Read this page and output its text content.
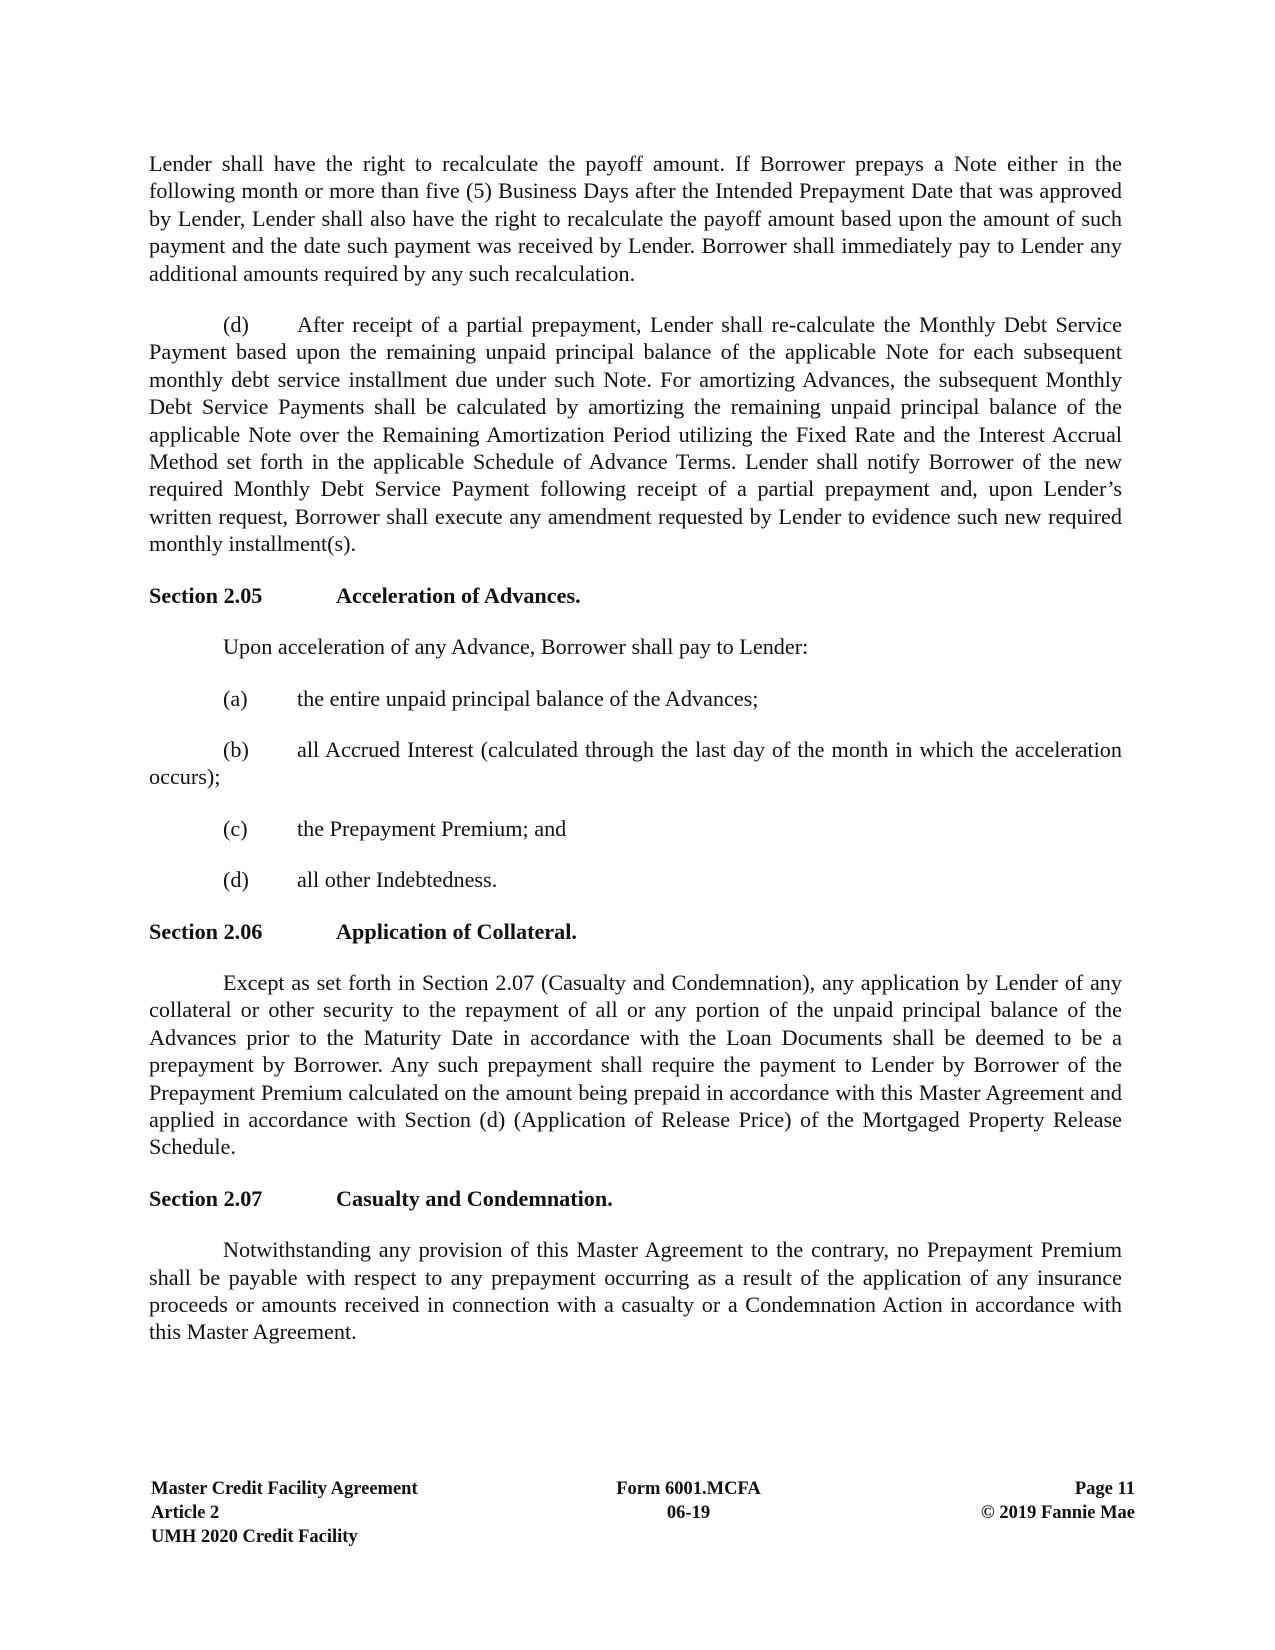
Lender shall have the right to recalculate the payoff amount. If Borrower prepays a Note either in the following month or more than five (5) Business Days after the Intended Prepayment Date that was approved by Lender, Lender shall also have the right to recalculate the payoff amount based upon the amount of such payment and the date such payment was received by Lender. Borrower shall immediately pay to Lender any additional amounts required by any such recalculation.

(d) After receipt of a partial prepayment, Lender shall re-calculate the Monthly Debt Service Payment based upon the remaining unpaid principal balance of the applicable Note for each subsequent monthly debt service installment due under such Note. For amortizing Advances, the subsequent Monthly Debt Service Payments shall be calculated by amortizing the remaining unpaid principal balance of the applicable Note over the Remaining Amortization Period utilizing the Fixed Rate and the Interest Accrual Method set forth in the applicable Schedule of Advance Terms. Lender shall notify Borrower of the new required Monthly Debt Service Payment following receipt of a partial prepayment and, upon Lender’s written request, Borrower shall execute any amendment requested by Lender to evidence such new required monthly installment(s).

Section 2.05	Acceleration of Advances.

Upon acceleration of any Advance, Borrower shall pay to Lender:

(a) the entire unpaid principal balance of the Advances;

(b) all Accrued Interest (calculated through the last day of the month in which the acceleration occurs);

(c) the Prepayment Premium; and

(d) all other Indebtedness.

Section 2.06	Application of Collateral.

Except as set forth in Section 2.07 (Casualty and Condemnation), any application by Lender of any collateral or other security to the repayment of all or any portion of the unpaid principal balance of the Advances prior to the Maturity Date in accordance with the Loan Documents shall be deemed to be a prepayment by Borrower. Any such prepayment shall require the payment to Lender by Borrower of the Prepayment Premium calculated on the amount being prepaid in accordance with this Master Agreement and applied in accordance with Section (d) (Application of Release Price) of the Mortgaged Property Release Schedule.

Section 2.07	Casualty and Condemnation.

Notwithstanding any provision of this Master Agreement to the contrary, no Prepayment Premium shall be payable with respect to any prepayment occurring as a result of the application of any insurance proceeds or amounts received in connection with a casualty or a Condemnation Action in accordance with this Master Agreement.

Master Credit Facility Agreement
Article 2
UMH 2020 Credit Facility
Form 6001.MCFA
06-19
Page 11
© 2019 Fannie Mae
